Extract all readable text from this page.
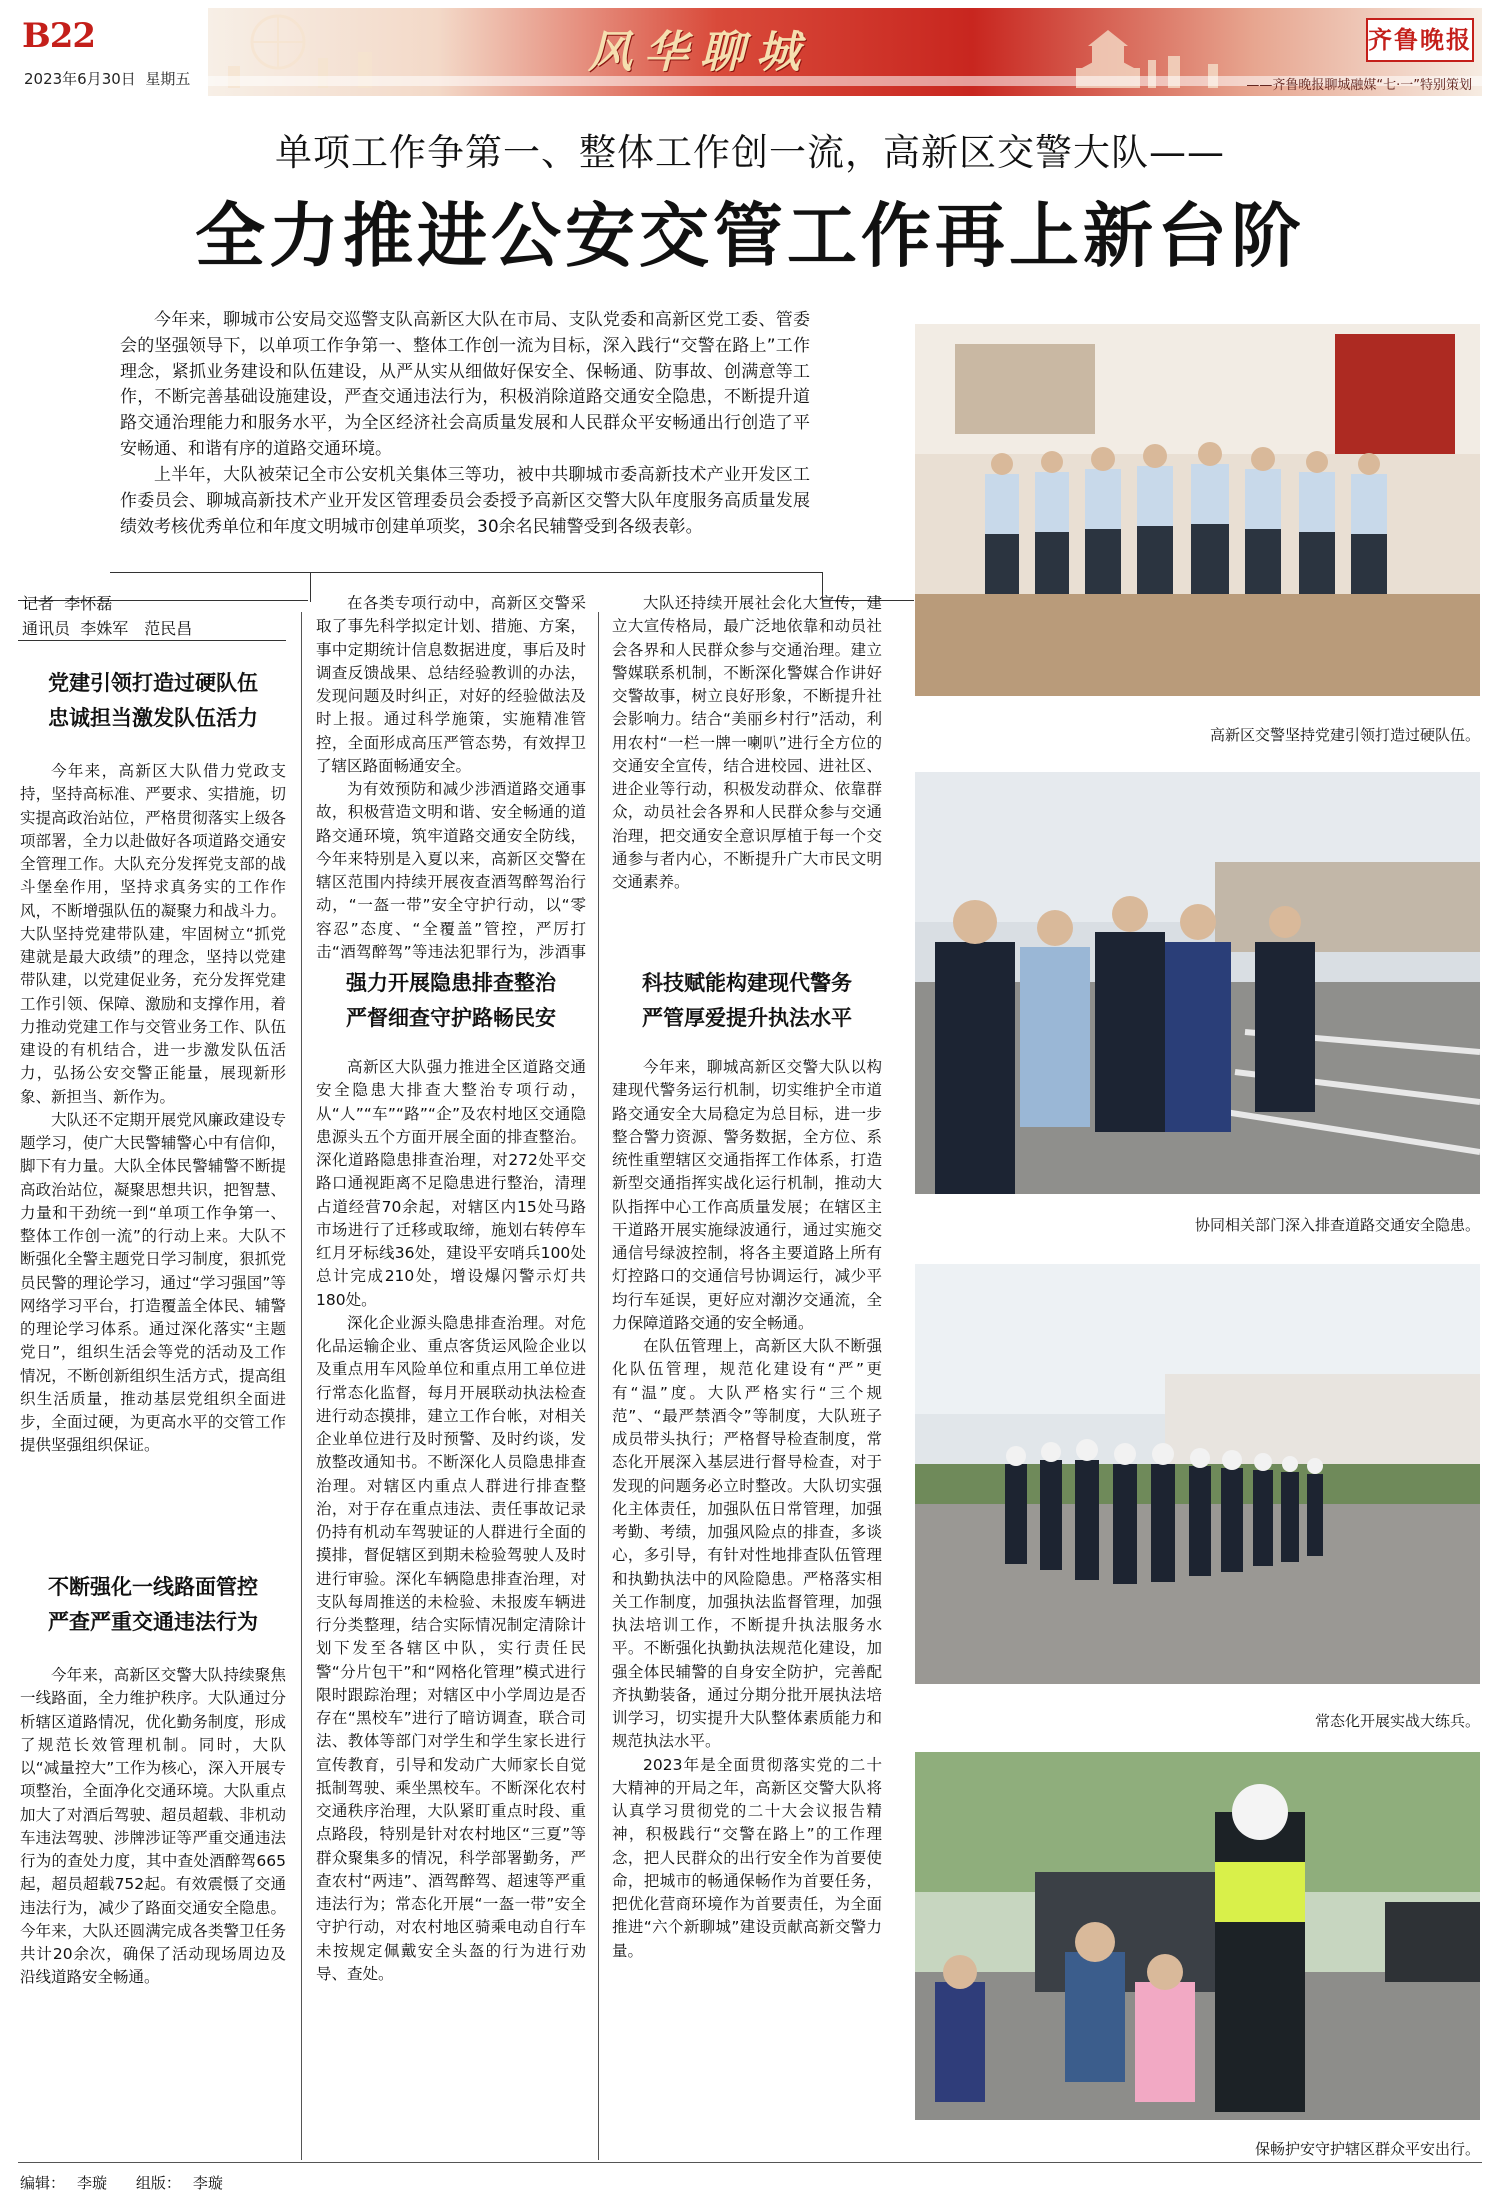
B22
2023年6月30日 星期五
风华聊城	齐鲁晚报
——齐鲁晚报聊城融媒“七·一”特别策划
单项工作争第一、整体工作创一流，高新区交警大队——
全力推进公安交管工作再上新台阶

今年来，聊城市公安局交巡警支队高新区大队在市局、支队党委和高新区党工委、管委会的坚强领导下，以单项工作争第一、整体工作创一流为目标，深入践行“交警在路上”工作理念，紧抓业务建设和队伍建设，从严从实从细做好保安全、保畅通、防事故、创满意等工作，不断完善基础设施建设，严查交通违法行为，积极消除道路交通安全隐患，不断提升道路交通治理能力和服务水平，为全区经济社会高质量发展和人民群众平安畅通出行创造了平安畅通、和谐有序的道路交通环境。

上半年，大队被荣记全市公安机关集体三等功，被中共聊城市委高新技术产业开发区工作委员会、聊城高新技术产业开发区管理委员会委授予高新区交警大队年度服务高质量发展绩效考核优秀单位和年度文明城市创建单项奖，30余名民辅警受到各级表彰。

记者 李怀磊
通讯员 李姝军　范民昌
党建引领打造过硬队伍
忠诚担当激发队伍活力

今年来，高新区大队借力党政支持，坚持高标准、严要求、实措施，切实提高政治站位，严格贯彻落实上级各项部署，全力以赴做好各项道路交通安全管理工作。大队充分发挥党支部的战斗堡垒作用，坚持求真务实的工作作风，不断增强队伍的凝聚力和战斗力。大队坚持党建带队建，牢固树立“抓党建就是最大政绩”的理念，坚持以党建带队建，以党建促业务，充分发挥党建工作引领、保障、激励和支撑作用，着力推动党建工作与交管业务工作、队伍建设的有机结合，进一步激发队伍活力，弘扬公安交警正能量，展现新形象、新担当、新作为。

大队还不定期开展党风廉政建设专题学习，使广大民警辅警心中有信仰，脚下有力量。大队全体民警辅警不断提高政治站位，凝聚思想共识，把智慧、力量和干劲统一到“单项工作争第一、整体工作创一流”的行动上来。大队不断强化全警主题党日学习制度，狠抓党员民警的理论学习，通过“学习强国”等网络学习平台，打造覆盖全体民、辅警的理论学习体系。通过深化落实“主题党日”，组织生活会等党的活动及工作情况，不断创新组织生活方式，提高组织生活质量，推动基层党组织全面进步，全面过硬，为更高水平的交管工作提供坚强组织保证。

不断强化一线路面管控
严查严重交通违法行为

今年来，高新区交警大队持续聚焦一线路面，全力维护秩序。大队通过分析辖区道路情况，优化勤务制度，形成了规范长效管理机制。同时，大队以“减量控大”工作为核心，深入开展专项整治，全面净化交通环境。大队重点加大了对酒后驾驶、超员超载、非机动车违法驾驶、涉牌涉证等严重交通违法行为的查处力度，其中查处酒醉驾665起，超员超载752起。有效震慑了交通违法行为，减少了路面交通安全隐患。今年来，大队还圆满完成各类警卫任务共计20余次，确保了活动现场周边及沿线道路安全畅通。

在各类专项行动中，高新区交警采取了事先科学拟定计划、措施、方案，事中定期统计信息数据进度，事后及时调查反馈战果、总结经验教训的办法，发现问题及时纠正，对好的经验做法及时上报。通过科学施策，实施精准管控，全面形成高压严管态势，有效捍卫了辖区路面畅通安全。

为有效预防和减少涉酒道路交通事故，积极营造文明和谐、安全畅通的道路交通环境，筑牢道路交通安全防线，今年来特别是入夏以来，高新区交警在辖区范围内持续开展夜查酒驾醉驾治行动，“一盔一带”安全守护行动，以“零容忍”态度、“全覆盖”管控，严厉打击“酒驾醉驾”等违法犯罪行为，涉酒事

强力开展隐患排查整治
严督细查守护路畅民安

高新区大队强力推进全区道路交通安全隐患大排查大整治专项行动，从“人”“车”“路”“企”及农村地区交通隐患源头五个方面开展全面的排查整治。深化道路隐患排查治理，对272处平交路口通视距离不足隐患进行整治，清理占道经营70余起，对辖区内15处马路市场进行了迁移或取缔，施划右转停车红月牙标线36处，建设平安哨兵100处总计完成210处，增设爆闪警示灯共180处。

深化企业源头隐患排查治理。对危化品运输企业、重点客货运风险企业以及重点用车风险单位和重点用工单位进行常态化监督，每月开展联动执法检查进行动态摸排，建立工作台帐，对相关企业单位进行及时预警、及时约谈，发放整改通知书。不断深化人员隐患排查治理。对辖区内重点人群进行排查整治，对于存在重点违法、责任事故记录仍持有机动车驾驶证的人群进行全面的摸排，督促辖区到期未检验驾驶人及时进行审验。深化车辆隐患排查治理，对支队每周推送的未检验、未报废车辆进行分类整理，结合实际情况制定清除计划下发至各辖区中队，实行责任民警“分片包干”和“网格化管理”模式进行限时跟踪治理；对辖区中小学周边是否存在“黑校车”进行了暗访调查，联合司法、教体等部门对学生和学生家长进行宣传教育，引导和发动广大师家长自觉抵制驾驶、乘坐黑校车。不断深化农村交通秩序治理，大队紧盯重点时段、重点路段，特别是针对农村地区“三夏”等群众聚集多的情况，科学部署勤务，严查农村“两违”、酒驾醉驾、超速等严重违法行为；常态化开展“一盔一带”安全守护行动，对农村地区骑乘电动自行车未按规定佩戴安全头盔的行为进行劝导、查处。

大队还持续开展社会化大宣传，建立大宣传格局，最广泛地依靠和动员社会各界和人民群众参与交通治理。建立警媒联系机制，不断深化警媒合作讲好交警故事，树立良好形象，不断提升社会影响力。结合“美丽乡村行”活动，利用农村“一栏一牌一喇叭”进行全方位的交通安全宣传，结合进校园、进社区、进企业等行动，积极发动群众、依靠群众，动员社会各界和人民群众参与交通治理，把交通安全意识厚植于每一个交通参与者内心，不断提升广大市民文明交通素养。

科技赋能构建现代警务
严管厚爱提升执法水平

今年来，聊城高新区交警大队以构建现代警务运行机制，切实维护全市道路交通安全大局稳定为总目标，进一步整合警力资源、警务数据，全方位、系统性重塑辖区交通指挥工作体系，打造新型交通指挥实战化运行机制，推动大队指挥中心工作高质量发展；在辖区主干道路开展实施绿波通行，通过实施交通信号绿波控制，将各主要道路上所有灯控路口的交通信号协调运行，减少平均行车延误，更好应对潮汐交通流，全力保障道路交通的安全畅通。

在队伍管理上，高新区大队不断强化队伍管理，规范化建设有“严”更有“温”度。大队严格实行“三个规范”、“最严禁酒令”等制度，大队班子成员带头执行；严格督导检查制度，常态化开展深入基层进行督导检查，对于发现的问题务必立时整改。大队切实强化主体责任，加强队伍日常管理，加强考勤、考绩，加强风险点的排查，多谈心，多引导，有针对性地排查队伍管理和执勤执法中的风险隐患。严格落实相关工作制度，加强执法监督管理，加强执法培训工作，不断提升执法服务水平。不断强化执勤执法规范化建设，加强全体民辅警的自身安全防护，完善配齐执勤装备，通过分期分批开展执法培训学习，切实提升大队整体素质能力和规范执法水平。

2023年是全面贯彻落实党的二十大精神的开局之年，高新区交警大队将认真学习贯彻党的二十大会议报告精神，积极践行“交警在路上”的工作理念，把人民群众的出行安全作为首要使命，把城市的畅通保畅作为首要任务，把优化营商环境作为首要责任，为全面推进“六个新聊城”建设贡献高新交警力量。

高新区交警坚持党建引领打造过硬队伍。
协同相关部门深入排查道路交通安全隐患。
常态化开展实战大练兵。
保畅护安守护辖区群众平安出行。
编辑： 李璇 组版： 李璇
